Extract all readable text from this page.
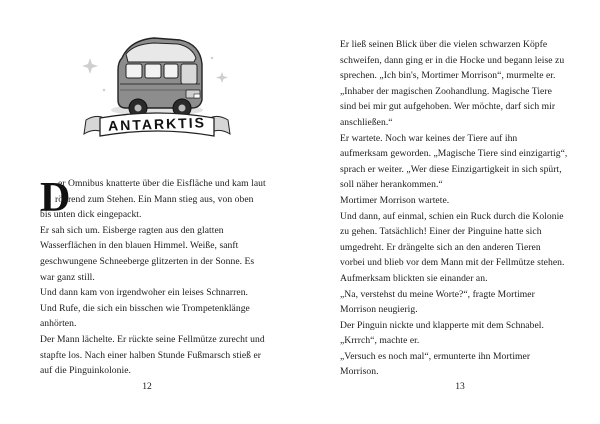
ANTARKTIS
D

er Omnibus knatterte über die Eisfläche und kam laut

röhrend zum Stehen. Ein Mann stieg aus, von oben

bis unten dick eingepackt.

Er sah sich um. Eisberge ragten aus den glatten

Wasserflächen in den blauen Himmel. Weiße, sanft

geschwungene Schneeberge glitzerten in der Sonne. Es

war ganz still.

Und dann kam von irgendwoher ein leises Schnarren.

Und Rufe, die sich ein bisschen wie Trompetenklänge

anhörten.

Der Mann lächelte. Er rückte seine Fellmütze zurecht und

stapfte los. Nach einer halben Stunde Fußmarsch stieß er

auf die Pinguinkolonie.

12

Er ließ seinen Blick über die vielen schwarzen Köpfe

schweifen, dann ging er in die Hocke und begann leise zu

sprechen. „Ich bin's, Mortimer Morrison“, murmelte er.

„Inhaber der magischen Zoohandlung. Magische Tiere

sind bei mir gut aufgehoben. Wer möchte, darf sich mir

anschließen.“

Er wartete. Noch war keines der Tiere auf ihn

aufmerksam geworden. „Magische Tiere sind einzigartig“,

sprach er weiter. „Wer diese Einzigartigkeit in sich spürt,

soll näher herankommen.“

Mortimer Morrison wartete.

Und dann, auf einmal, schien ein Ruck durch die Kolonie

zu gehen. Tatsächlich! Einer der Pinguine hatte sich

umgedreht. Er drängelte sich an den anderen Tieren

vorbei und blieb vor dem Mann mit der Fellmütze stehen.

Aufmerksam blickten sie einander an.

„Na, verstehst du meine Worte?“, fragte Mortimer

Morrison neugierig.

Der Pinguin nickte und klapperte mit dem Schnabel.

„Krrrch“, machte er.

„Versuch es noch mal“, ermunterte ihn Mortimer

Morrison.

13
